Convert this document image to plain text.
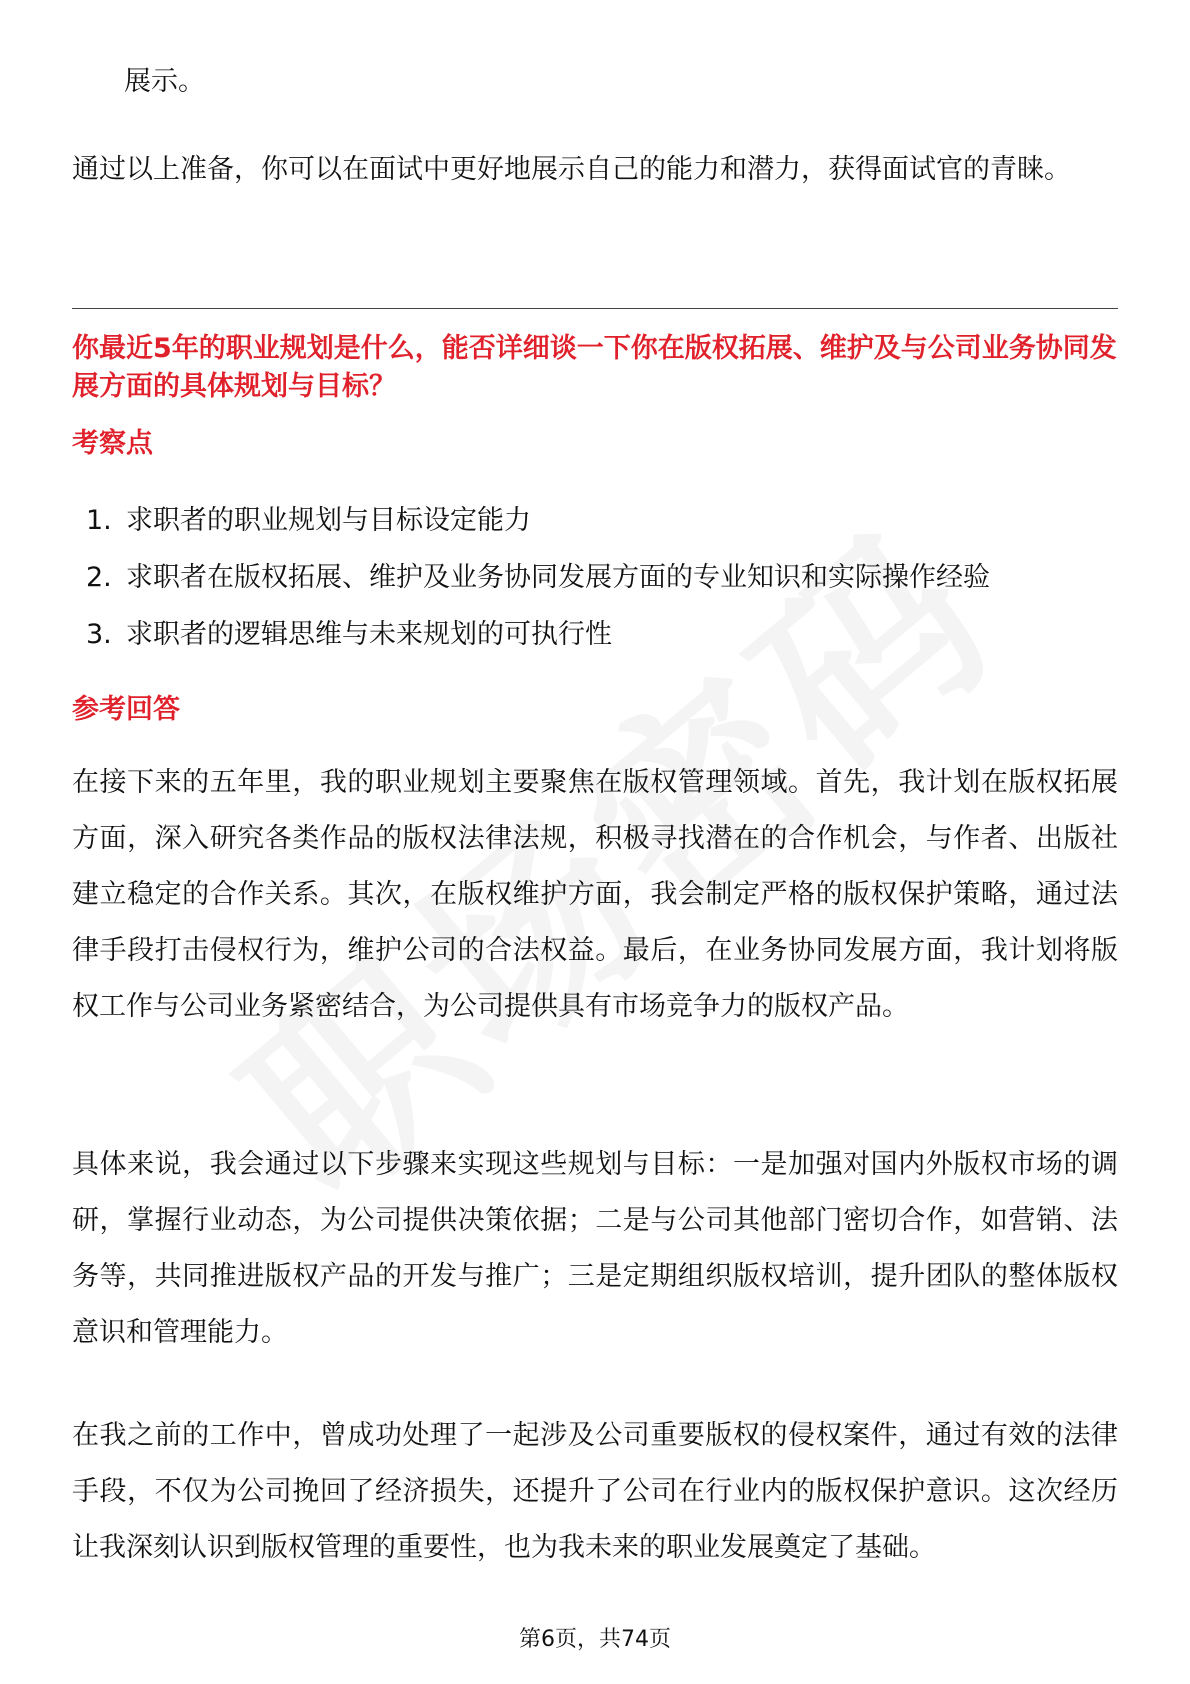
展示。

通过以上准备，你可以在面试中更好地展示自己的能力和潜力，获得面试官的青睐。

你最近5年的职业规划是什么，能否详细谈一下你在版权拓展、维护及与公司业务协同发展方面的具体规划与目标？
考察点
1. 求职者的职业规划与目标设定能力
2. 求职者在版权拓展、维护及业务协同发展方面的专业知识和实际操作经验
3. 求职者的逻辑思维与未来规划的可执行性
参考回答

在接下来的五年里，我的职业规划主要聚焦在版权管理领域。首先，我计划在版权拓展方面，深入研究各类作品的版权法律法规，积极寻找潜在的合作机会，与作者、出版社建立稳定的合作关系。其次，在版权维护方面，我会制定严格的版权保护策略，通过法律手段打击侵权行为，维护公司的合法权益。最后，在业务协同发展方面，我计划将版权工作与公司业务紧密结合，为公司提供具有市场竞争力的版权产品。

具体来说，我会通过以下步骤来实现这些规划与目标：一是加强对国内外版权市场的调研，掌握行业动态，为公司提供决策依据；二是与公司其他部门密切合作，如营销、法务等，共同推进版权产品的开发与推广；三是定期组织版权培训，提升团队的整体版权意识和管理能力。

在我之前的工作中，曾成功处理了一起涉及公司重要版权的侵权案件，通过有效的法律手段，不仅为公司挽回了经济损失，还提升了公司在行业内的版权保护意识。这次经历让我深刻认识到版权管理的重要性，也为我未来的职业发展奠定了基础。

第6页，共74页
